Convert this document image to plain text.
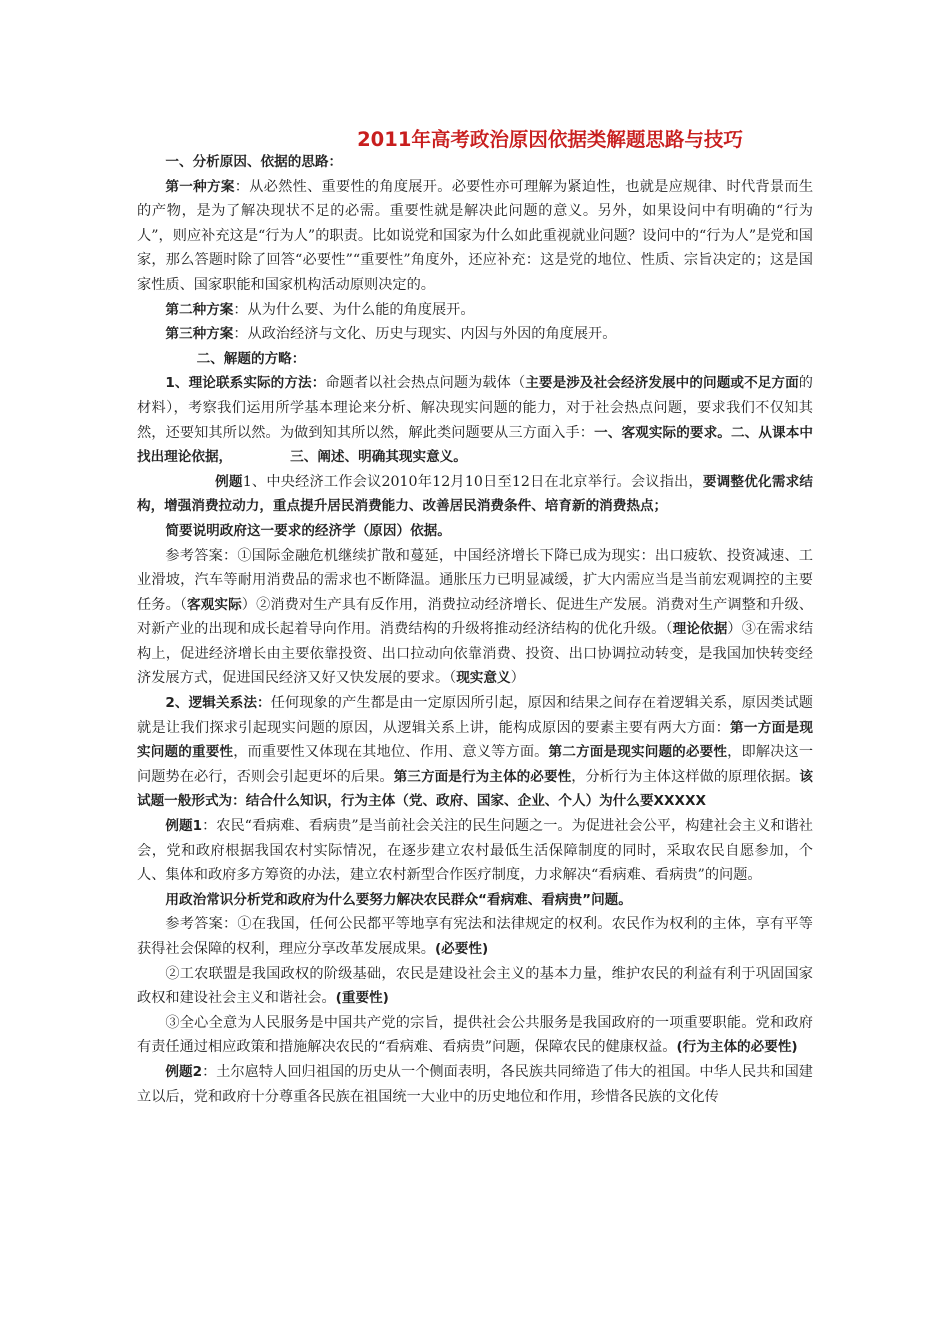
2011年高考政治原因依据类解题思路与技巧

一、分析原因、依据的思路：

第一种方案：从必然性、重要性的角度展开。必要性亦可理解为紧迫性，也就是应规律、时代背景而生的产物，是为了解决现状不足的必需。重要性就是解决此问题的意义。另外，如果设问中有明确的“行为人”，则应补充这是“行为人”的职责。比如说党和国家为什么如此重视就业问题？设问中的“行为人”是党和国家，那么答题时除了回答“必要性”“重要性”角度外，还应补充：这是党的地位、性质、宗旨决定的；这是国家性质、国家职能和国家机构活动原则决定的。

第二种方案：从为什么要、为什么能的角度展开。

第三种方案：从政治经济与文化、历史与现实、内因与外因的角度展开。

二、解题的方略：

1、理论联系实际的方法：命题者以社会热点问题为载体（主要是涉及社会经济发展中的问题或不足方面的材料），考察我们运用所学基本理论来分析、解决现实问题的能力，对于社会热点问题，要求我们不仅知其然，还要知其所以然。为做到知其所以然，解此类问题要从三方面入手：一、客观实际的要求。二、从课本中找出理论依据，	三、阐述、明确其现实意义。

例题1、中央经济工作会议2010年12月10日至12日在北京举行。会议指出，要调整优化需求结构，增强消费拉动力，重点提升居民消费能力、改善居民消费条件、培育新的消费热点；

简要说明政府这一要求的经济学（原因）依据。

参考答案：①国际金融危机继续扩散和蔓延，中国经济增长下降已成为现实：出口疲软、投资减速、工业滑坡，汽车等耐用消费品的需求也不断降温。通胀压力已明显减缓，扩大内需应当是当前宏观调控的主要任务。（客观实际）②消费对生产具有反作用，消费拉动经济增长、促进生产发展。消费对生产调整和升级、对新产业的出现和成长起着导向作用。消费结构的升级将推动经济结构的优化升级。（理论依据）③在需求结构上，促进经济增长由主要依靠投资、出口拉动向依靠消费、投资、出口协调拉动转变，是我国加快转变经济发展方式，促进国民经济又好又快发展的要求。（现实意义）

2、逻辑关系法：任何现象的产生都是由一定原因所引起，原因和结果之间存在着逻辑关系，原因类试题就是让我们探求引起现实问题的原因，从逻辑关系上讲，能构成原因的要素主要有两大方面：第一方面是现实问题的重要性，而重要性又体现在其地位、作用、意义等方面。第二方面是现实问题的必要性，即解决这一问题势在必行，否则会引起更坏的后果。第三方面是行为主体的必要性，分析行为主体这样做的原理依据。该试题一般形式为：结合什么知识，行为主体（党、政府、国家、企业、个人）为什么要XXXXX

例题1：农民“看病难、看病贵”是当前社会关注的民生问题之一。为促进社会公平，构建社会主义和谐社会，党和政府根据我国农村实际情况，在逐步建立农村最低生活保障制度的同时，采取农民自愿参加，个人、集体和政府多方筹资的办法，建立农村新型合作医疗制度，力求解决“看病难、看病贵”的问题。

用政治常识分析党和政府为什么要努力解决农民群众“看病难、看病贵”问题。

参考答案：①在我国，任何公民都平等地享有宪法和法律规定的权利。农民作为权利的主体，享有平等获得社会保障的权利，理应分享改革发展成果。(必要性)

②工农联盟是我国政权的阶级基础，农民是建设社会主义的基本力量，维护农民的利益有利于巩固国家政权和建设社会主义和谐社会。(重要性)

③全心全意为人民服务是中国共产党的宗旨，提供社会公共服务是我国政府的一项重要职能。党和政府有责任通过相应政策和措施解决农民的“看病难、看病贵”问题，保障农民的健康权益。(行为主体的必要性)

例题2：土尔扈特人回归祖国的历史从一个侧面表明，各民族共同缔造了伟大的祖国。中华人民共和国建立以后，党和政府十分尊重各民族在祖国统一大业中的历史地位和作用，珍惜各民族的文化传
